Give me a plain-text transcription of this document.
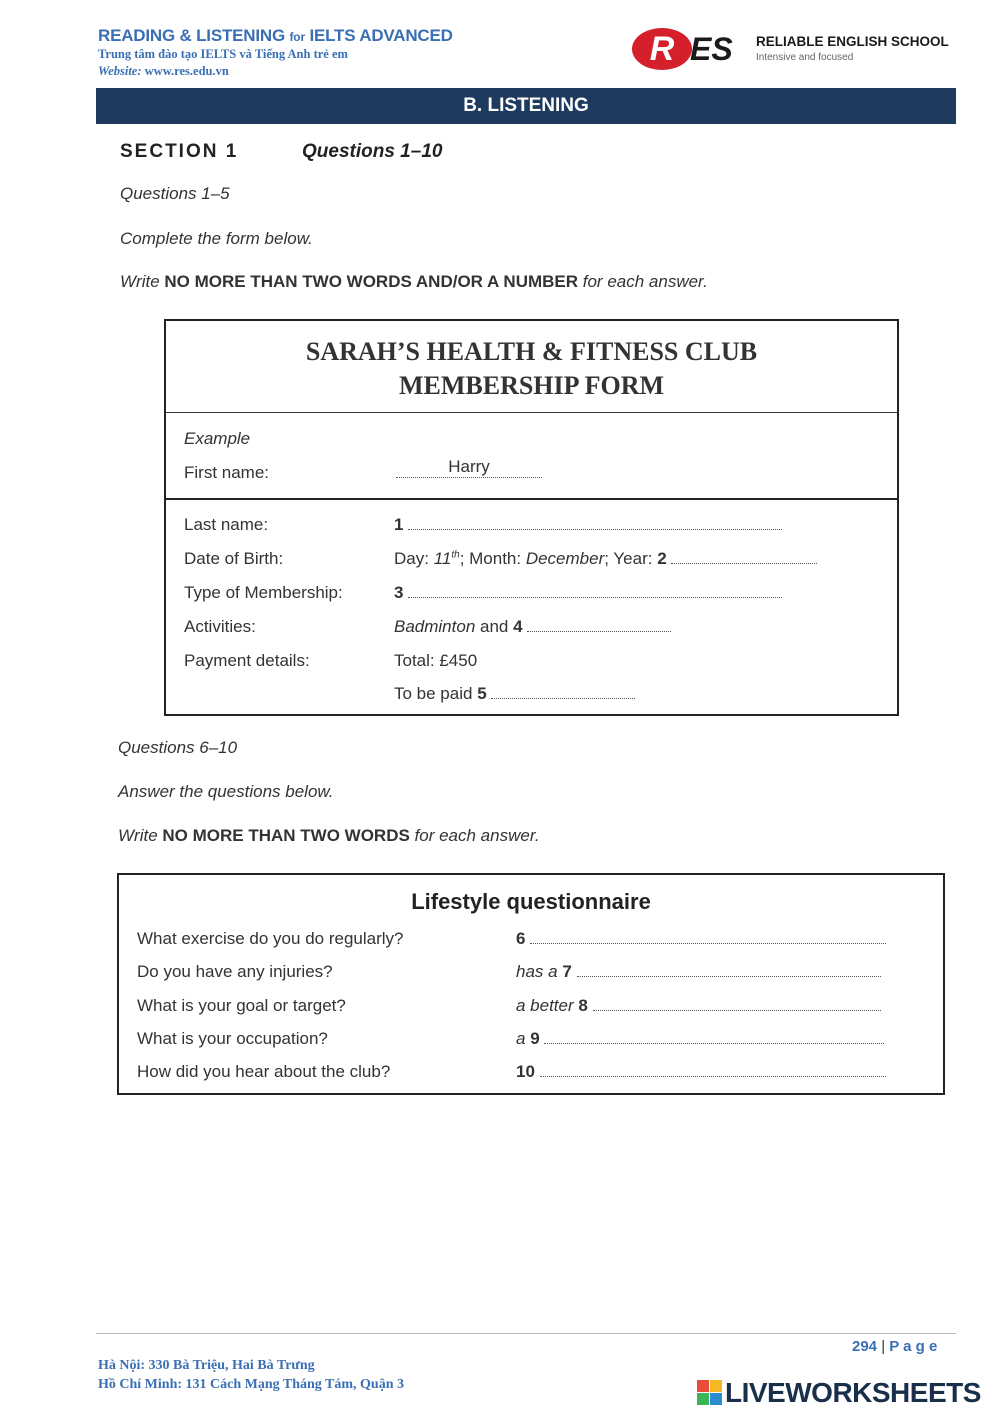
READING & LISTENING for IELTS ADVANCED
Trung tâm đào tạo IELTS và Tiếng Anh trẻ em
Website: www.res.edu.vn
R ES RELIABLE ENGLISH SCHOOL
Intensive and focused
B. LISTENING
SECTION 1	Questions 1–10
Questions 1–5
Complete the form below.
Write NO MORE THAN TWO WORDS AND/OR A NUMBER for each answer.
SARAH’S HEALTH & FITNESS CLUB
MEMBERSHIP FORM
Example
First name:	Harry
Last name:	1
Date of Birth:	Day: 11th; Month: December; Year: 2
Type of Membership:	3
Activities:	Badminton and 4
Payment details:	Total: £450
To be paid 5
Questions 6–10
Answer the questions below.
Write NO MORE THAN TWO WORDS for each answer.
Lifestyle questionnaire
What exercise do you do regularly?	6
Do you have any injuries?	has a 7
What is your goal or target?	a better 8
What is your occupation?	a 9
How did you hear about the club?	10
294 | P a g e
Hà Nội: 330 Bà Triệu, Hai Bà Trưng
Hồ Chí Minh: 131 Cách Mạng Tháng Tám, Quận 3	LIVEWORKSHEETS
